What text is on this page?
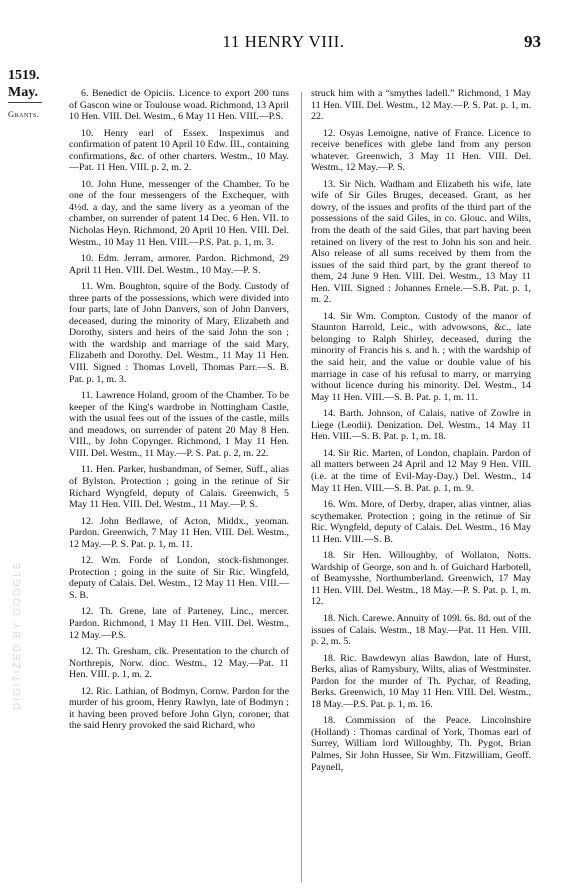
11 HENRY VIII.	93
1519.
May.
Grants.
DIGITIZED BY GOOGLE

6. Benedict de Opiciis. Licence to export 200 tuns of Gascon wine or Toulouse woad. Richmond, 13 April 10 Hen. VIII. Del. Westm., 6 May 11 Hen. VIII.—P.S.

10. Henry earl of Essex. Inspeximus and confirmation of patent 10 April 10 Edw. III., containing confirmations, &c. of other charters. Westm., 10 May.—Pat. 11 Hen. VIII. p. 2, m. 2.

10. John Hune, messenger of the Chamber. To be one of the four messengers of the Exchequer, with 4½d. a day, and the same livery as a yeoman of the chamber, on surrender of patent 14 Dec. 6 Hen. VII. to Nicholas Heyn. Richmond, 20 April 10 Hen. VIII. Del. Westm., 10 May 11 Hen. VIII.—P.S. Pat. p. 1, m. 3.

10. Edm. Jerram, armorer. Pardon. Richmond, 29 April 11 Hen. VIII. Del. Westm., 10 May.—P. S.

11. Wm. Boughton, squire of the Body. Custody of three parts of the possessions, which were divided into four parts, late of John Danvers, son of John Danvers, deceased, during the minority of Mary, Elizabeth and Dorothy, sisters and heirs of the said John the son ; with the wardship and marriage of the said Mary, Elizabeth and Dorothy. Del. Westm., 11 May 11 Hen. VIII. Signed : Thomas Lovell, Thomas Parr.—S. B. Pat. p. 1, m. 3.

11. Lawrence Holand, groom of the Chamber. To be keeper of the King's wardrobe in Nottingham Castle, with the usual fees out of the issues of the castle, mills and meadows, on surrender of patent 20 May 8 Hen. VIII., by John Copynger. Richmond, 1 May 11 Hen. VIII. Del. Westm., 11 May.—P. S. Pat. p. 2, m. 22.

11. Hen. Parker, husbandman, of Semer, Suff., alias of Bylston. Protection ; going in the retinue of Sir Richard Wyngfeld, deputy of Calais. Greenwich, 5 May 11 Hen. VIII. Del. Westm., 11 May.—P. S.

12. John Bedlawe, of Acton, Middx., yeoman. Pardon. Greenwich, 7 May 11 Hen. VIII. Del. Westm., 12 May.—P. S. Pat. p. 1, m. 11.

12. Wm. Forde of London, stock-fishmonger. Protection ; going in the suite of Sir Ric. Wingfeld, deputy of Calais. Del. Westm., 12 May 11 Hen. VIII.—S. B.

12. Th. Grene, late of Parteney, Linc., mercer. Pardon. Richmond, 1 May 11 Hen. VIII. Del. Westm., 12 May.—P.S.

12. Th. Gresham, clk. Presentation to the church of Northrepis, Norw. dioc. Westm., 12 May.—Pat. 11 Hen. VIII. p. 1, m. 2.

12. Ric. Lathian, of Bodmyn, Cornw. Pardon for the murder of his groom, Henry Rawlyn, late of Bodmyn ; it having been proved before John Glyn, coroner, that the said Henry provoked the said Richard, who

struck him with a “smythes ladell.” Richmond, 1 May 11 Hen. VIII. Del. Westm., 12 May.—P. S. Pat. p. 1, m. 22.

12. Osyas Lemoigne, native of France. Licence to receive benefices with glebe land from any person whatever. Greenwich, 3 May 11 Hen. VIII. Del. Westm., 12 May.—P. S.

13. Sir Nich. Wadham and Elizabeth his wife, late wife of Sir Giles Bruges, deceased. Grant, as her dowry, of the issues and profits of the third part of the possessions of the said Giles, in co. Glouc. and Wilts, from the death of the said Giles, that part having been retained on livery of the rest to John his son and heir. Also release of all sums received by them from the issues of the said third part, by the grant thereof to them, 24 June 9 Hen. VIII. Del. Westm., 13 May 11 Hen. VIII. Signed : Johannes Ernele.—S.B. Pat. p. 1, m. 2.

14. Sir Wm. Compton. Custody of the manor of Staunton Harrold, Leic., with advowsons, &c., late belonging to Ralph Shirley, deceased, during the minority of Francis his s. and h. ; with the wardship of the said heir, and the value or double value of his marriage in case of his refusal to marry, or marrying without licence during his minority. Del. Westm., 14 May 11 Hen. VIII.—S. B. Pat. p. 1, m. 11.

14. Barth. Johnson, of Calais, native of Zowlre in Liege (Leodii). Denization. Del. Westm., 14 May 11 Hen. VIII.—S. B. Pat. p. 1, m. 18.

14. Sir Ric. Marten, of London, chaplain. Pardon of all matters between 24 April and 12 May 9 Hen. VIII. (i.e. at the time of Evil-May-Day.) Del. Westm., 14 May 11 Hen. VIII.—S. B. Pat. p. 1, m. 9.

16. Wm. More, of Derby, draper, alias vintner, alias scythemaker. Protection ; going in the retinue of Sir Ric. Wyngfeld, deputy of Calais. Del. Westm., 16 May 11 Hen. VIII.—S. B.

18. Sir Hen. Willoughby, of Wollaton, Notts. Wardship of George, son and h. of Guichard Harbotell, of Beamysshe, Northumberland. Greenwich, 17 May 11 Hen. VIII. Del. Westm., 18 May.—P. S. Pat. p. 1, m. 12.

18. Nich. Carewe. Annuity of 109l. 6s. 8d. out of the issues of Calais. Westm., 18 May.—Pat. 11 Hen. VIII. p. 2, m. 5.

18. Ric. Bawdewyn alias Bawdon, late of Hurst, Berks, alias of Ramysbury, Wilts, alias of Westminster. Pardon for the murder of Th. Pychar, of Reading, Berks. Greenwich, 10 May 11 Hen. VIII. Del. Westm., 18 May.—P.S. Pat. p. 1, m. 16.

18. Commission of the Peace. Lincolnshire (Holland) : Thomas cardinal of York, Thomas earl of Surrey, William lord Willoughby, Th. Pygot, Brian Palmes, Sir John Hussee, Sir Wm. Fitzwilliam, Geoff. Paynell,
